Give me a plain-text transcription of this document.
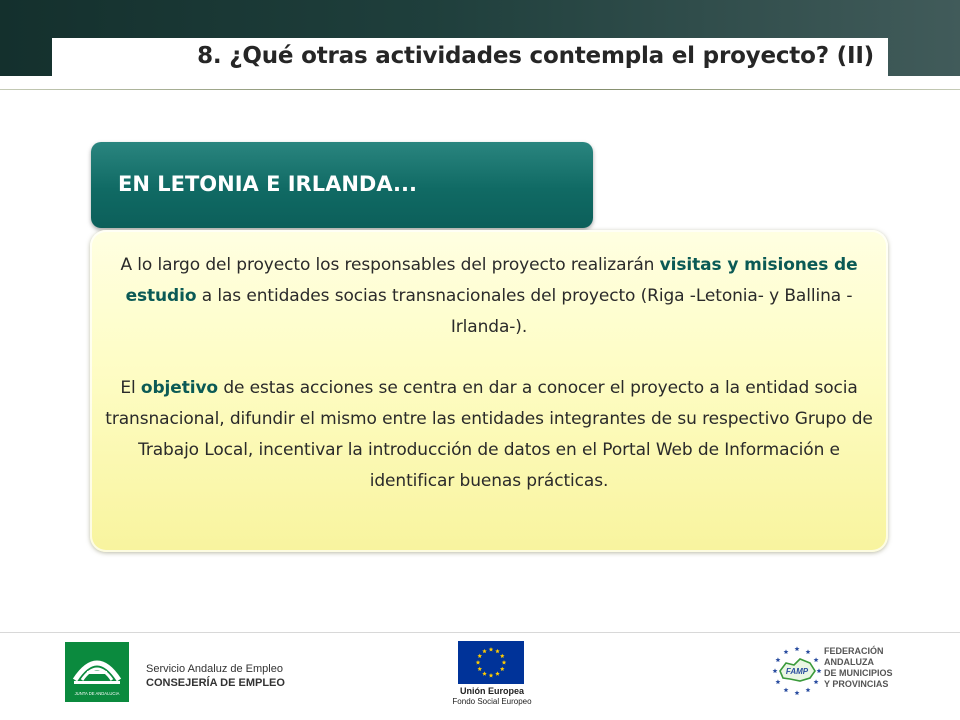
8. ¿Qué otras actividades contempla el proyecto? (II)
EN LETONIA E IRLANDA...

A lo largo del proyecto los responsables del proyecto realizarán visitas y misiones de estudio a las entidades socias transnacionales del proyecto (Riga -Letonia- y Ballina -Irlanda-).

El objetivo de estas acciones se centra en dar a conocer el proyecto a la entidad socia transnacional, difundir el mismo entre las entidades integrantes de su respectivo Grupo de Trabajo Local, incentivar la introducción de datos en el Portal Web de Información e identificar buenas prácticas.

JUNTA DE ANDALUCIA
Servicio Andaluz de Empleo
CONSEJERÍA DE EMPLEO
Unión Europea
Fondo Social Europeo
FAMP
FEDERACIÓN
ANDALUZA
DE MUNICIPIOS
Y PROVINCIAS
